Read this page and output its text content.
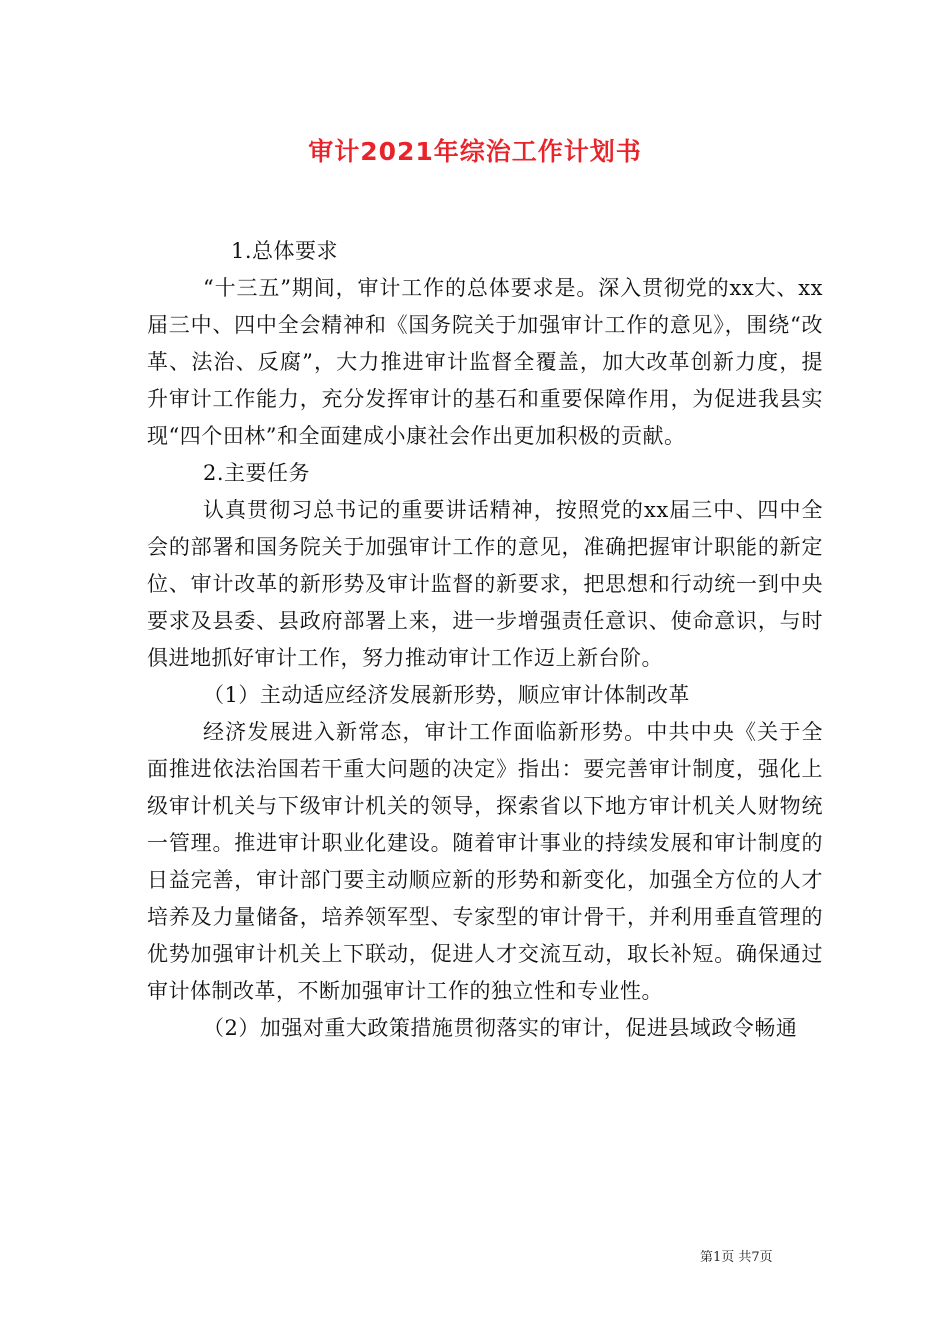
审计2021年综治工作计划书

1.总体要求

“十三五”期间，审计工作的总体要求是。深入贯彻党的xx大、xx届三中、四中全会精神和《国务院关于加强审计工作的意见》，围绕“改革、法治、反腐”，大力推进审计监督全覆盖，加大改革创新力度，提升审计工作能力，充分发挥审计的基石和重要保障作用，为促进我县实现“四个田林”和全面建成小康社会作出更加积极的贡献。

2.主要任务

认真贯彻习总书记的重要讲话精神，按照党的xx届三中、四中全会的部署和国务院关于加强审计工作的意见，准确把握审计职能的新定位、审计改革的新形势及审计监督的新要求，把思想和行动统一到中央要求及县委、县政府部署上来，进一步增强责任意识、使命意识，与时俱进地抓好审计工作，努力推动审计工作迈上新台阶。

（1）主动适应经济发展新形势，顺应审计体制改革

经济发展进入新常态，审计工作面临新形势。中共中央《关于全面推进依法治国若干重大问题的决定》指出：要完善审计制度，强化上级审计机关与下级审计机关的领导，探索省以下地方审计机关人财物统一管理。推进审计职业化建设。随着审计事业的持续发展和审计制度的日益完善，审计部门要主动顺应新的形势和新变化，加强全方位的人才培养及力量储备，培养领军型、专家型的审计骨干，并利用垂直管理的优势加强审计机关上下联动，促进人才交流互动，取长补短。确保通过审计体制改革，不断加强审计工作的独立性和专业性。

（2）加强对重大政策措施贯彻落实的审计，促进县域政令畅通

第1页 共7页
